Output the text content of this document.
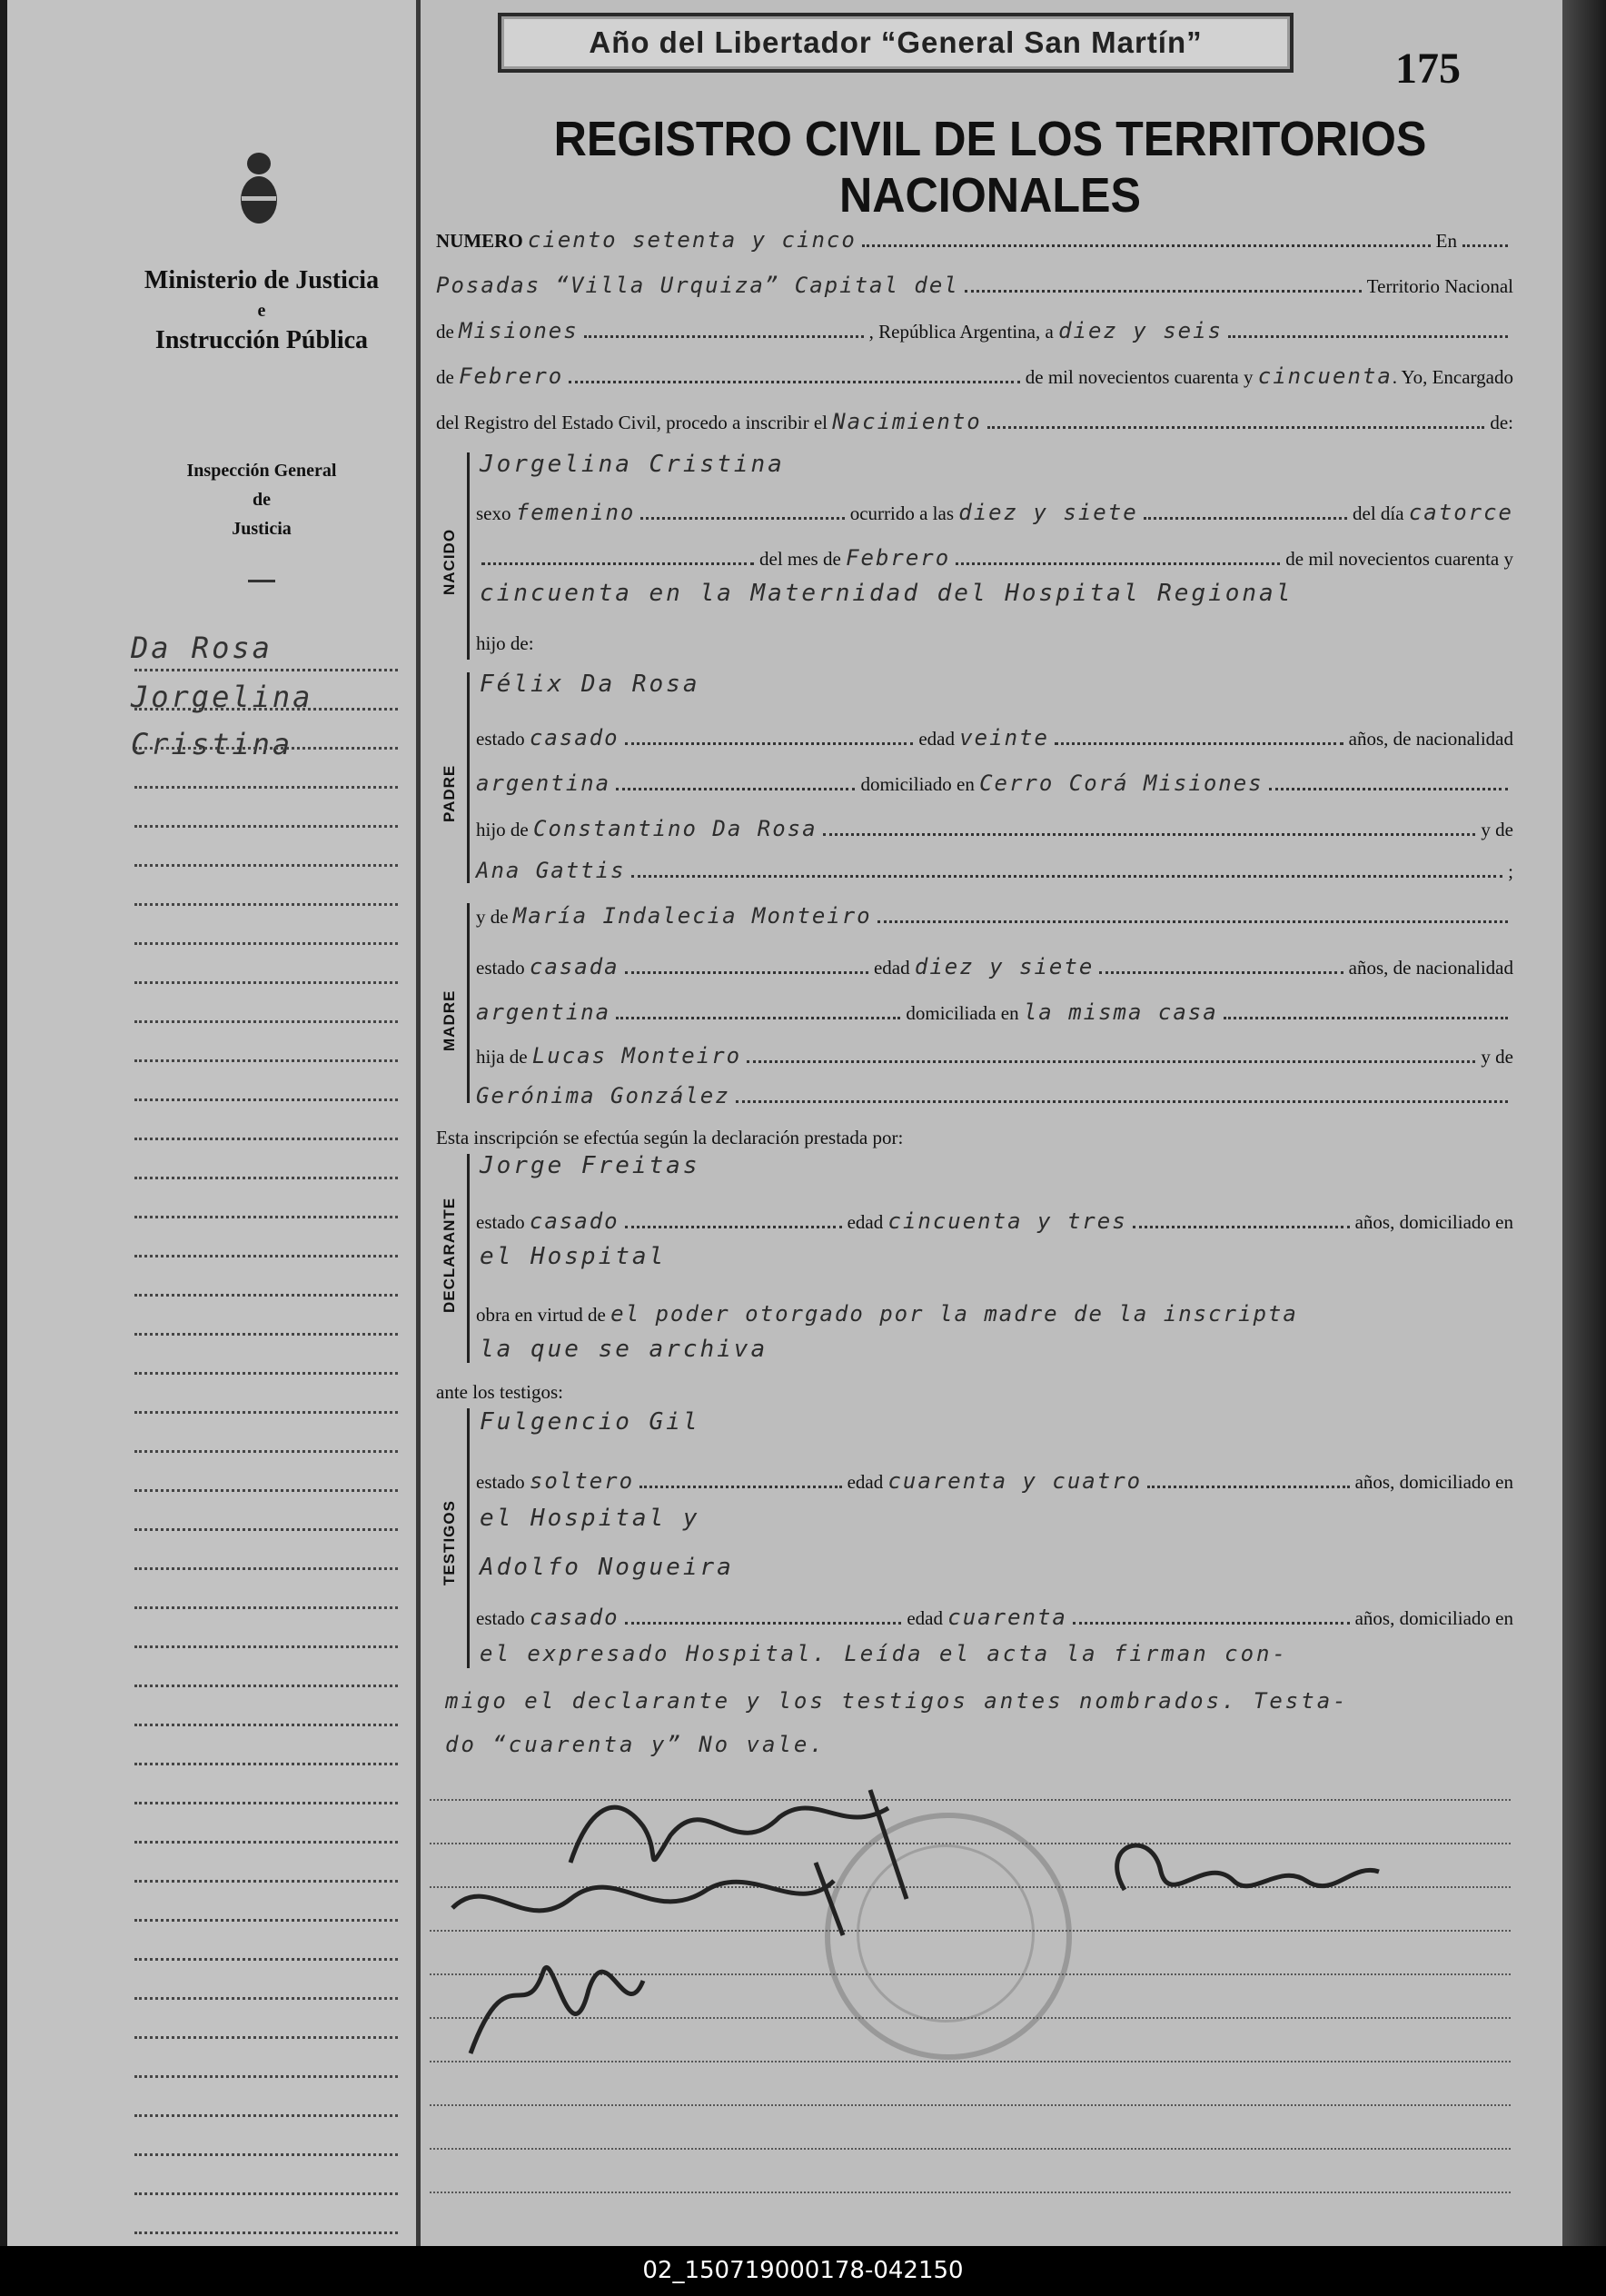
Ministerio de Justicia
e
Instrucción Pública
Inspección General
de
Justicia
Da Rosa
Jorgelina
Cristina
Año del Libertador “General San Martín”
175
REGISTRO CIVIL DE LOS TERRITORIOS NACIONALES
NUMERO
ciento setenta y cinco	En
Posadas “Villa Urquiza” Capital del	Territorio Nacional
de
Misiones	, República Argentina, a
diez y seis
de
Febrero	de mil novecientos cuarenta y
cincuenta . Yo, Encargado
del Registro del Estado Civil, procedo a inscribir el
Nacimiento	de:
NACIDO
Jorgelina Cristina
sexo
femenino	ocurrido a las
diez y siete	del día
catorce
del mes de
Febrero	de mil novecientos cuarenta y
cincuenta en la Maternidad del Hospital Regional
hijo de:
PADRE
Félix Da Rosa
estado
casado	edad
veinte	años, de nacionalidad
argentina	domiciliado en
Cerro Corá Misiones
hijo de
Constantino Da Rosa	y de
Ana Gattis	;
MADRE
y de
María Indalecia Monteiro
estado
casada	edad
diez y siete	años, de nacionalidad
argentina	domiciliada en
la misma casa
hija de
Lucas Monteiro	y de
Gerónima González
Esta inscripción se efectúa según la declaración prestada por:
DECLARANTE
Jorge Freitas
estado
casado	edad
cincuenta y tres	años, domiciliado en
el Hospital
obra en virtud de
el poder otorgado por la madre de la inscripta
la que se archiva
ante los testigos:
TESTIGOS
Fulgencio Gil
estado
soltero	edad
cuarenta y cuatro	años, domiciliado en
el Hospital y
Adolfo Nogueira
estado
casado	edad
cuarenta	años, domiciliado en
el expresado Hospital. Leída el acta la firman con-
migo el declarante y los testigos antes nombrados. Testa-
do “cuarenta y” No vale.
02_150719000178-042150
